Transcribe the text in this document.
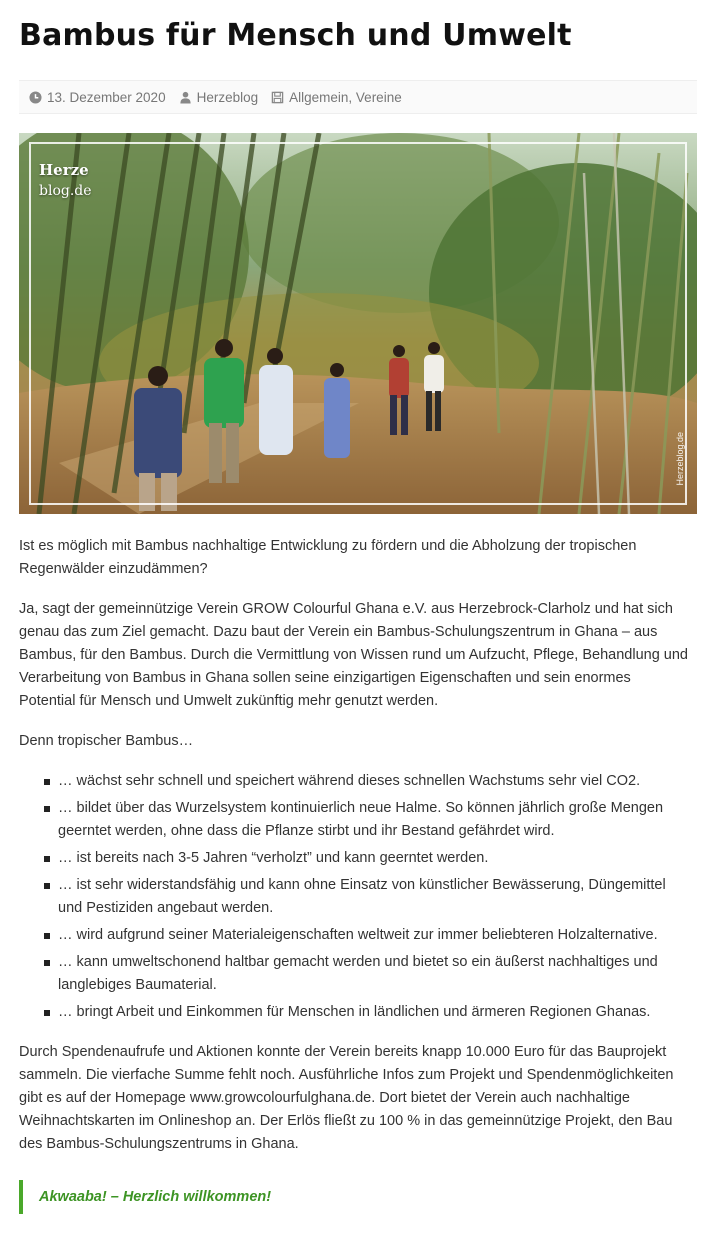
Bambus für Mensch und Umwelt
13. Dezember 2020 Herzeblog Allgemein , Vereine
Herze
blog.de
Herzeblog.de

Ist es möglich mit Bambus nachhaltige Entwicklung zu fördern und die Abholzung der tropischen Regenwälder einzudämmen?

Ja, sagt der gemeinnützige Verein GROW Colourful Ghana e.V. aus Herzebrock-Clarholz und hat sich genau das zum Ziel gemacht. Dazu baut der Verein ein Bambus-Schulungszentrum in Ghana – aus Bambus, für den Bambus. Durch die Vermittlung von Wissen rund um Aufzucht, Pflege, Behandlung und Verarbeitung von Bambus in Ghana sollen seine einzigartigen Eigenschaften und sein enormes Potential für Mensch und Umwelt zukünftig mehr genutzt werden.

Denn tropischer Bambus…

… wächst sehr schnell und speichert während dieses schnellen Wachstums sehr viel CO2.
… bildet über das Wurzelsystem kontinuierlich neue Halme. So können jährlich große Mengen geerntet werden, ohne dass die Pflanze stirbt und ihr Bestand gefährdet wird.
… ist bereits nach 3-5 Jahren “verholzt” und kann geerntet werden.
… ist sehr widerstandsfähig und kann ohne Einsatz von künstlicher Bewässerung, Düngemittel und Pestiziden angebaut werden.
… wird aufgrund seiner Materialeigenschaften weltweit zur immer beliebteren Holzalternative.
… kann umweltschonend haltbar gemacht werden und bietet so ein äußerst nachhaltiges und langlebiges Baumaterial.
… bringt Arbeit und Einkommen für Menschen in ländlichen und ärmeren Regionen Ghanas.

Durch Spendenaufrufe und Aktionen konnte der Verein bereits knapp 10.000 Euro für das Bauprojekt sammeln. Die vierfache Summe fehlt noch. Ausführliche Infos zum Projekt und Spendenmöglichkeiten gibt es auf der Homepage www.growcolourfulghana.de. Dort bietet der Verein auch nachhaltige Weihnachtskarten im Onlineshop an. Der Erlös fließt zu 100 % in das gemeinnützige Projekt, den Bau des Bambus-Schulungszentrums in Ghana.

Akwaaba! – Herzlich willkommen!
